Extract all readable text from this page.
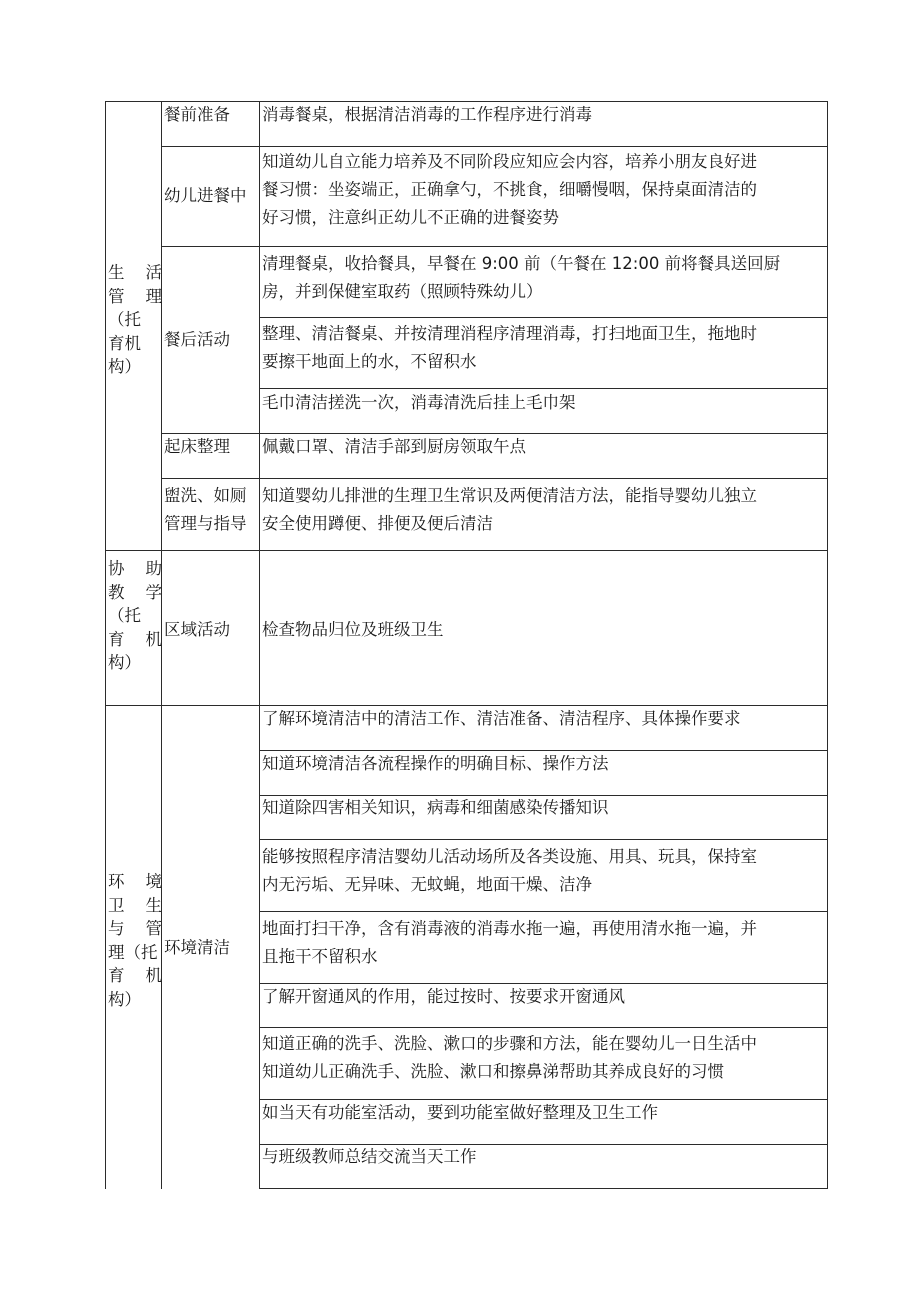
生 活
管 理
（托
育机
构）
协 助
教 学
（托
育 机
构）
环 境
卫 生
与 管
理（托
育 机
构）
餐前准备
幼儿进餐中
餐后活动
起床整理
盥洗、如厕
管理与指导
区域活动
环境清洁
消毒餐桌，根据清洁消毒的工作程序进行消毒
知道幼儿自立能力培养及不同阶段应知应会内容，培养小朋友良好进
餐习惯：坐姿端正，正确拿勺，不挑食，细嚼慢咽，保持桌面清洁的
好习惯，注意纠正幼儿不正确的进餐姿势
清理餐桌，收拾餐具，早餐在 9:00 前（午餐在 12:00 前将餐具送回厨
房，并到保健室取药（照顾特殊幼儿）
整理、清洁餐桌、并按清理消程序清理消毒，打扫地面卫生，拖地时
要擦干地面上的水，不留积水
毛巾清洁搓洗一次，消毒清洗后挂上毛巾架
佩戴口罩、清洁手部到厨房领取午点
知道婴幼儿排泄的生理卫生常识及两便清洁方法，能指导婴幼儿独立
安全使用蹲便、排便及便后清洁
检查物品归位及班级卫生
了解环境清洁中的清洁工作、清洁准备、清洁程序、具体操作要求
知道环境清洁各流程操作的明确目标、操作方法
知道除四害相关知识，病毒和细菌感染传播知识
能够按照程序清洁婴幼儿活动场所及各类设施、用具、玩具，保持室
内无污垢、无异味、无蚊蝇，地面干燥、洁净
地面打扫干净，含有消毒液的消毒水拖一遍，再使用清水拖一遍，并
且拖干不留积水
了解开窗通风的作用，能过按时、按要求开窗通风
知道正确的洗手、洗脸、漱口的步骤和方法，能在婴幼儿一日生活中
知道幼儿正确洗手、洗脸、漱口和擦鼻涕帮助其养成良好的习惯
如当天有功能室活动，要到功能室做好整理及卫生工作
与班级教师总结交流当天工作
